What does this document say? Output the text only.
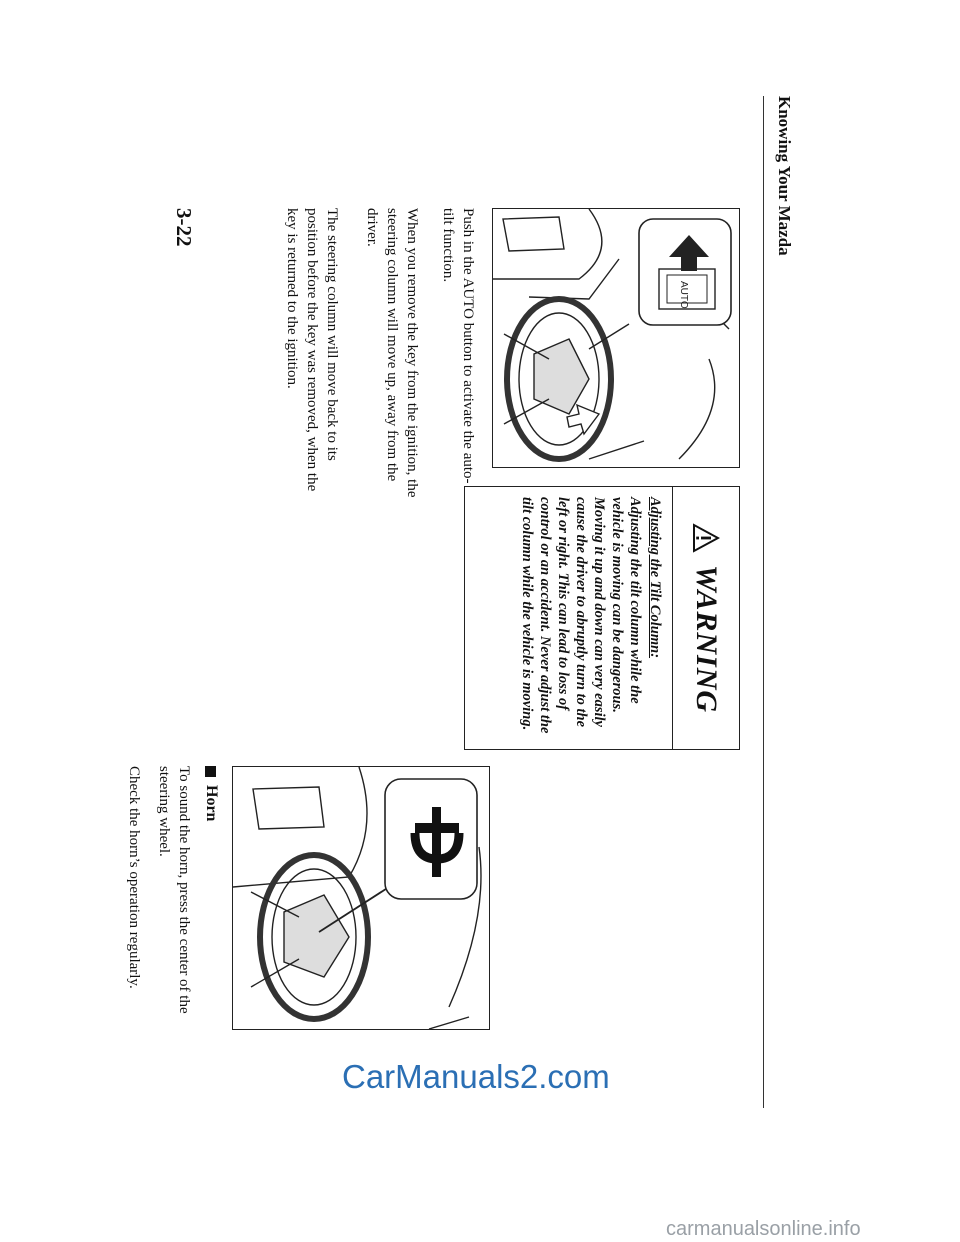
Knowing Your Mazda
AUTO
Push in the AUTO button to activate the auto-tilt function.
When you remove the key from the ignition, the steering column will move up, away from the driver.
The steering column will move back to its position before the key was removed, when the key is returned to the ignition.
3-22
WARNING
Adjusting the Tilt Column:
Adjusting the tilt column while the vehicle is moving can be dangerous. Moving it up and down can very easily cause the driver to abruptly turn to the left or right. This can lead to loss of control or an accident. Never adjust the tilt column while the vehicle is moving.
Horn
To sound the horn, press the center of the steering wheel.
Check the horn’s operation regularly.
CarManuals2.com
carmanualsonline.info
